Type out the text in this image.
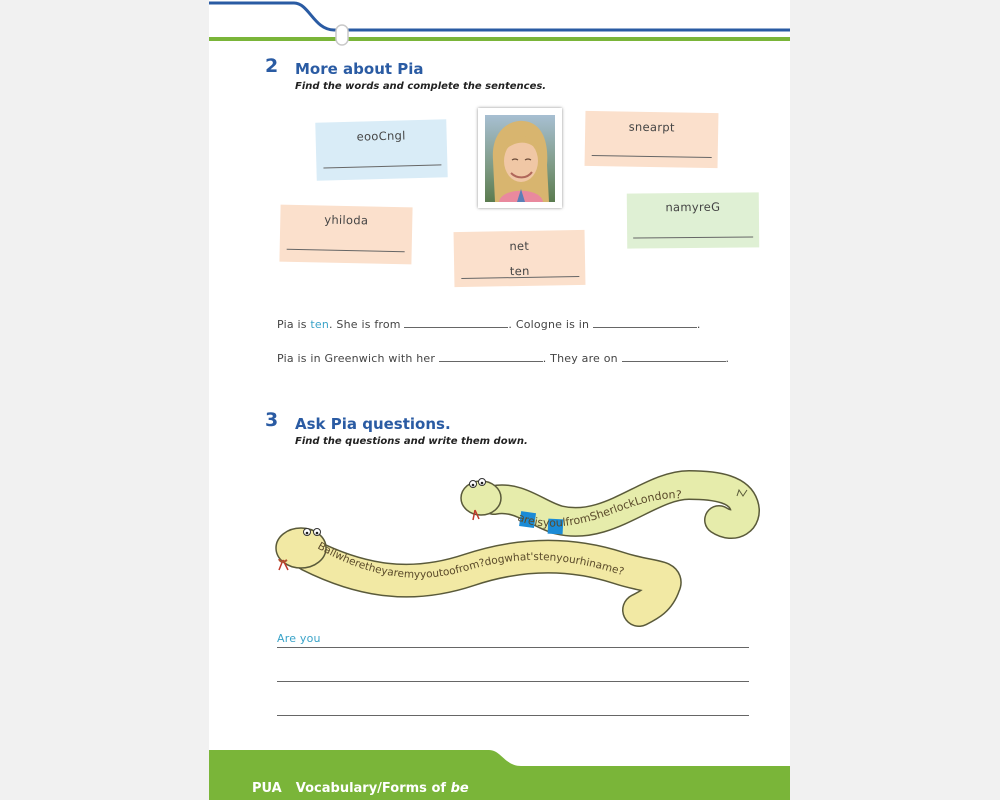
2 More about Pia
Find the words and complete the sentences.
eooCngl
snearpt
namyreG
yhiloda
net
ten
Pia is ten. She is from	. Cologne is in	.
Pia is in Greenwich with her	. They are on	.
3 Ask Pia questions.
Find the questions and write them down.
areisyoulfromSherlockLondon?
Ballwheretheyaremyyoutoofrom?dogwhat'stenyourhiname?
Are you
PUA Vocabulary/Forms of be
